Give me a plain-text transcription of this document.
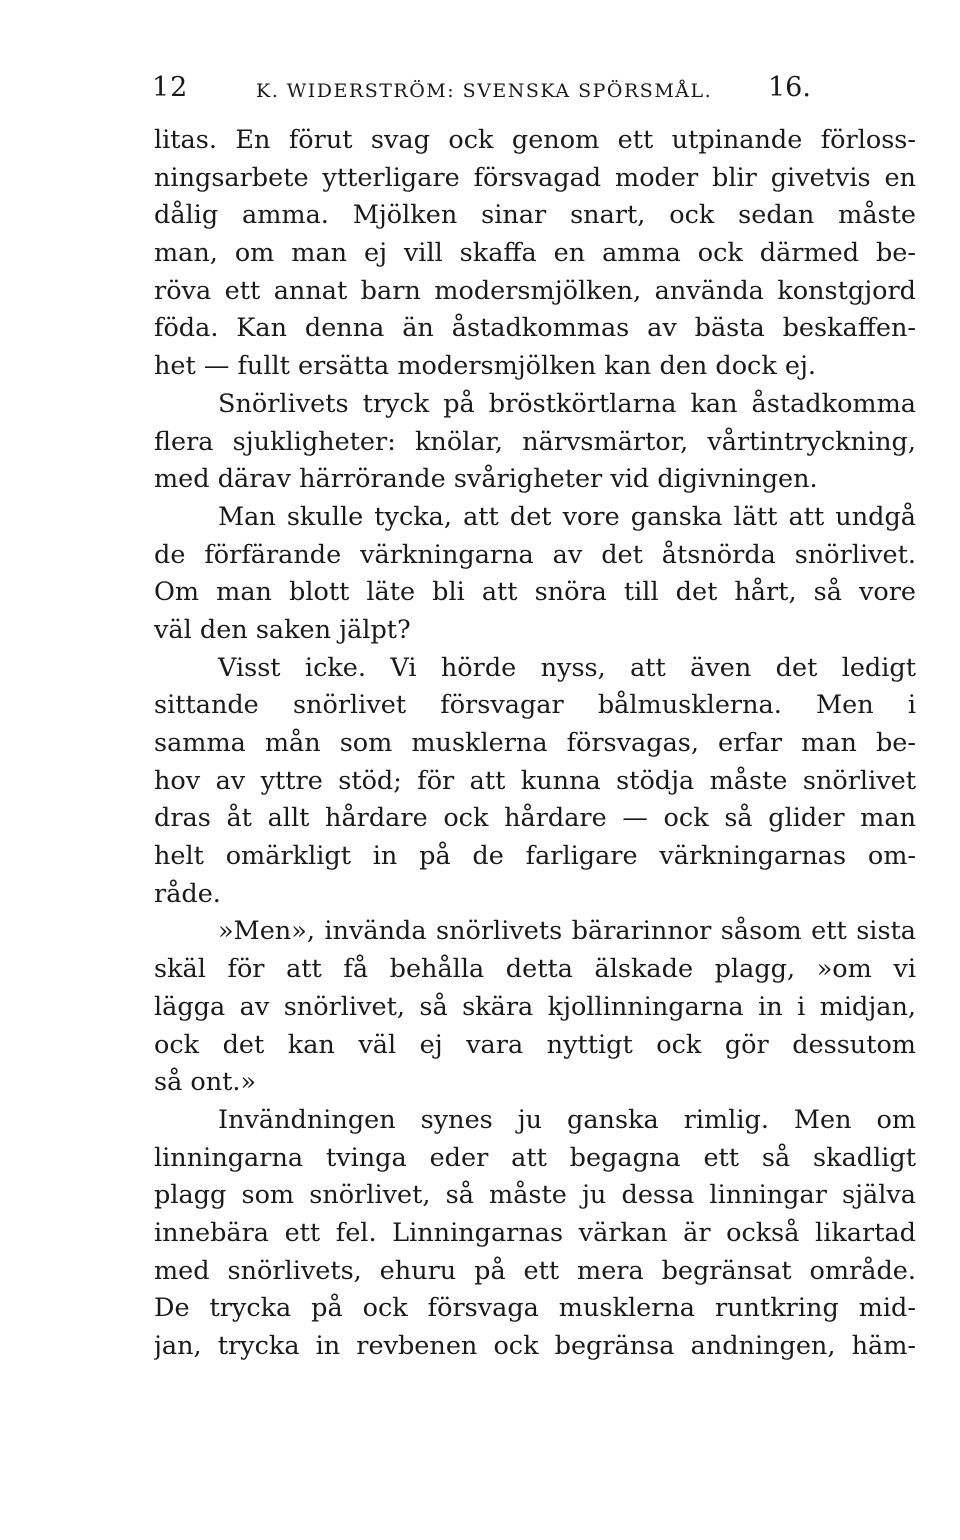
12	K. WIDERSTRÖM: SVENSKA SPÖRSMÅL. 16.
litas. En förut svag ock genom ett utpinande förloss-
ningsarbete ytterligare försvagad moder blir givetvis en
dålig amma. Mjölken sinar snart, ock sedan måste
man, om man ej vill skaffa en amma ock därmed be-
röva ett annat barn modersmjölken, använda konstgjord
föda. Kan denna än åstadkommas av bästa beskaffen-
het — fullt ersätta modersmjölken kan den dock ej.
Snörlivets tryck på bröstkörtlarna kan åstadkomma
flera sjukligheter: knölar, närvsmärtor, vårtintryckning,
med därav härrörande svårigheter vid digivningen.
Man skulle tycka, att det vore ganska lätt att undgå
de förfärande värkningarna av det åtsnörda snörlivet.
Om man blott läte bli att snöra till det hårt, så vore
väl den saken jälpt?
Visst icke. Vi hörde nyss, att även det ledigt
sittande snörlivet försvagar bålmusklerna. Men i
samma mån som musklerna försvagas, erfar man be-
hov av yttre stöd; för att kunna stödja måste snörlivet
dras åt allt hårdare ock hårdare — ock så glider man
helt omärkligt in på de farligare värkningarnas om-
råde.
»Men», invända snörlivets bärarinnor såsom ett sista
skäl för att få behålla detta älskade plagg, »om vi
lägga av snörlivet, så skära kjollinningarna in i midjan,
ock det kan väl ej vara nyttigt ock gör dessutom
så ont.»
Invändningen synes ju ganska rimlig. Men om
linningarna tvinga eder att begagna ett så skadligt
plagg som snörlivet, så måste ju dessa linningar själva
innebära ett fel. Linningarnas värkan är också likartad
med snörlivets, ehuru på ett mera begränsat område.
De trycka på ock försvaga musklerna runtkring mid-
jan, trycka in revbenen ock begränsa andningen, häm-
